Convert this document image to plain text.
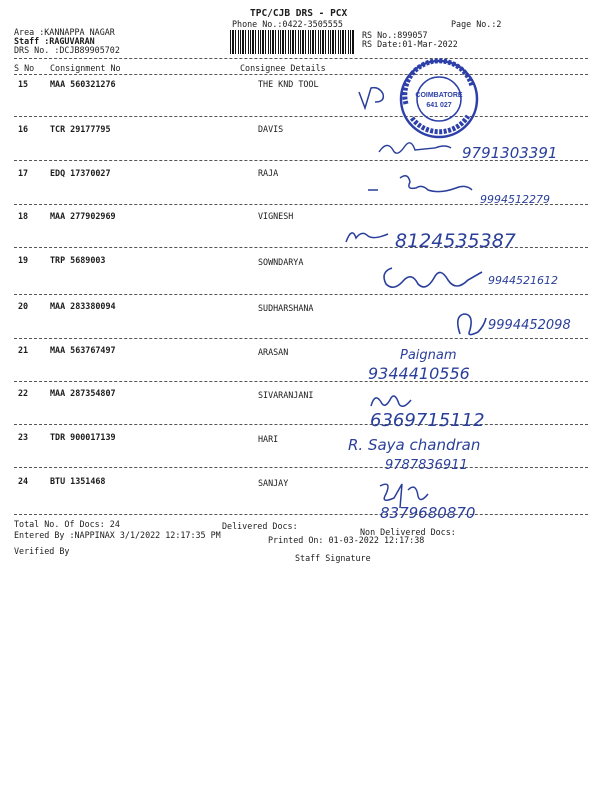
TPC/CJB DRS - PCX
Phone No.:0422-3505555
Area :KANNAPPA NAGAR
Staff :RAGUVARAN
DRS No. :DCJB89905702
Page No.:2
RS No.:899057
RS Date:01-Mar-2022
S No Consignment No	Consignee Details
15	MAA 560321276	THE KND TOOL
16	TCR 29177795	DAVIS
17	EDQ 17370027	RAJA
18	MAA 277902969	VIGNESH
19	TRP 5689003	SOWNDARYA
20	MAA 283380094	SUDHARSHANA
21	MAA 563767497	ARASAN
22	MAA 287354807	SIVARANJANI
23	TDR 900017139	HARI
24	BTU 1351468	SANJAY
Total No. Of Docs: 24	Delivered Docs:
Non Delivered Docs:
Entered By :NAPPINAX 3/1/2022 12:17:35 PM	Printed On: 01-03-2022 12:17:38
Verified By
Staff Signature
COIMBATORE
641 027
9791303391
9994512279
8124535387
9944521612
9994452098
Paignam
9344410556
6369715112
R. Saya chandran
9787836911
8379680870
